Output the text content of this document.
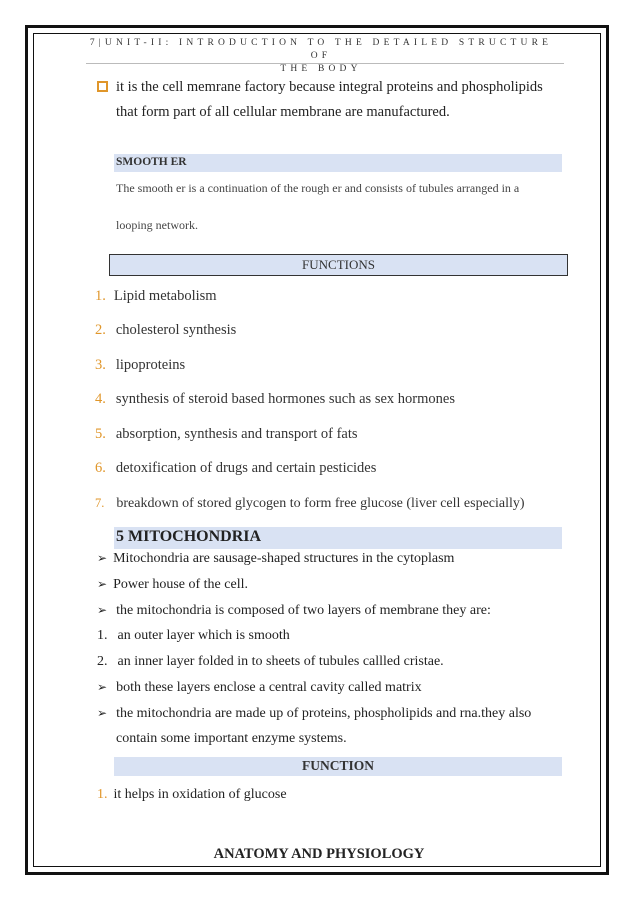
7|UNIT-II: INTRODUCTION TO THE DETAILED STRUCTURE OF
THE BODY
it is the cell memrane factory because integral proteins and phospholipids
that form part of all cellular membrane are manufactured.
SMOOTH ER
The smooth er is a continuation of the rough er and consists of tubules arranged in a
looping network.
FUNCTIONS
1. Lipid metabolism
2. cholesterol synthesis
3. lipoproteins
4. synthesis of steroid based hormones such as sex hormones
5. absorption, synthesis and transport of fats
6. detoxification of drugs and certain pesticides
7. breakdown of stored glycogen to form free glucose (liver cell especially)
5 MITOCHONDRIA
➢ Mitochondria are sausage-shaped structures in the cytoplasm
➢ Power house of the cell.
➢ the mitochondria is composed of two layers of membrane they are:
1. an outer layer which is smooth
2. an inner layer folded in to sheets of tubules callled cristae.
➢ both these layers enclose a central cavity called matrix
➢ the mitochondria are made up of proteins, phospholipids and rna.they also
contain some important enzyme systems.
FUNCTION
1. it helps in oxidation of glucose
ANATOMY AND PHYSIOLOGY
